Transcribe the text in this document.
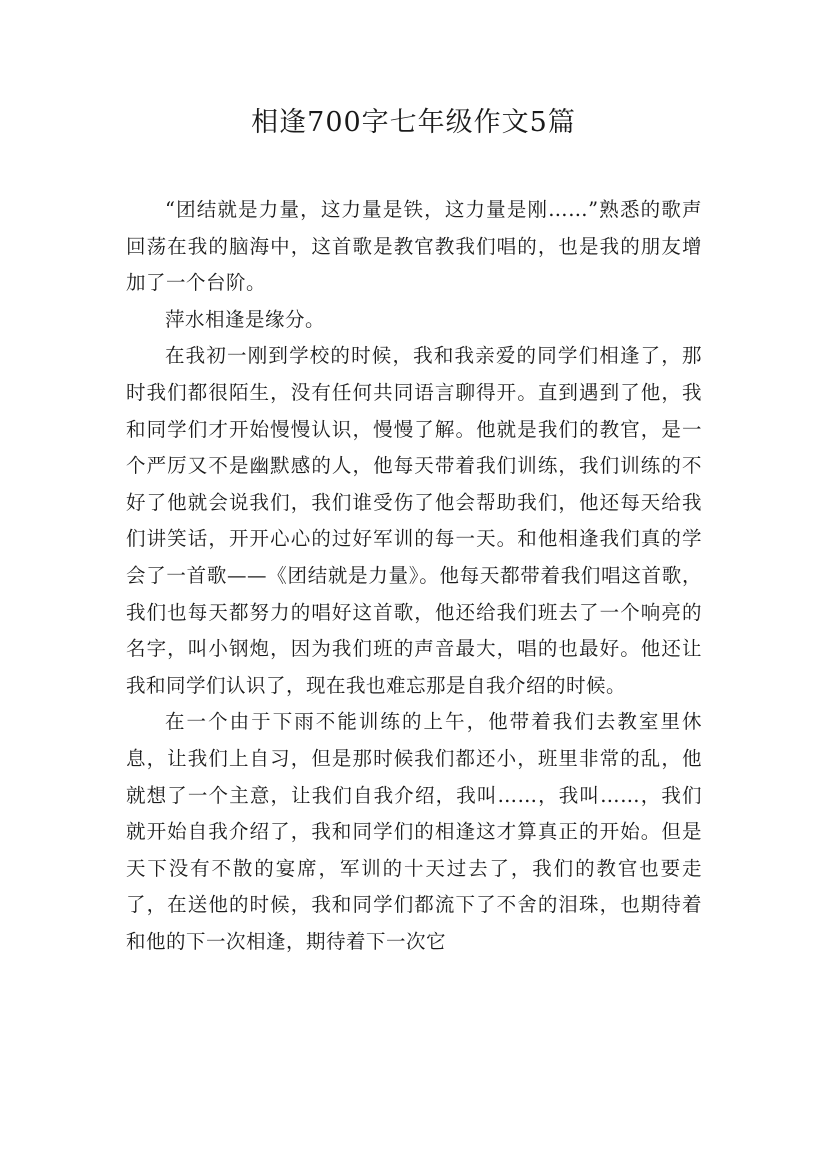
相逢700字七年级作文5篇

“团结就是力量，这力量是铁，这力量是刚……”熟悉的歌声回荡在我的脑海中，这首歌是教官教我们唱的，也是我的朋友增加了一个台阶。

萍水相逢是缘分。

在我初一刚到学校的时候，我和我亲爱的同学们相逢了，那时我们都很陌生，没有任何共同语言聊得开。直到遇到了他，我和同学们才开始慢慢认识，慢慢了解。他就是我们的教官，是一个严厉又不是幽默感的人，他每天带着我们训练，我们训练的不好了他就会说我们，我们谁受伤了他会帮助我们，他还每天给我们讲笑话，开开心心的过好军训的每一天。和他相逢我们真的学会了一首歌——《团结就是力量》。他每天都带着我们唱这首歌，我们也每天都努力的唱好这首歌，他还给我们班去了一个响亮的名字，叫小钢炮，因为我们班的声音最大，唱的也最好。他还让我和同学们认识了，现在我也难忘那是自我介绍的时候。

在一个由于下雨不能训练的上午，他带着我们去教室里休息，让我们上自习，但是那时候我们都还小，班里非常的乱，他就想了一个主意，让我们自我介绍，我叫……，我叫……，我们就开始自我介绍了，我和同学们的相逢这才算真正的开始。但是天下没有不散的宴席，军训的十天过去了，我们的教官也要走了，在送他的时候，我和同学们都流下了不舍的泪珠，也期待着和他的下一次相逢，期待着下一次它
